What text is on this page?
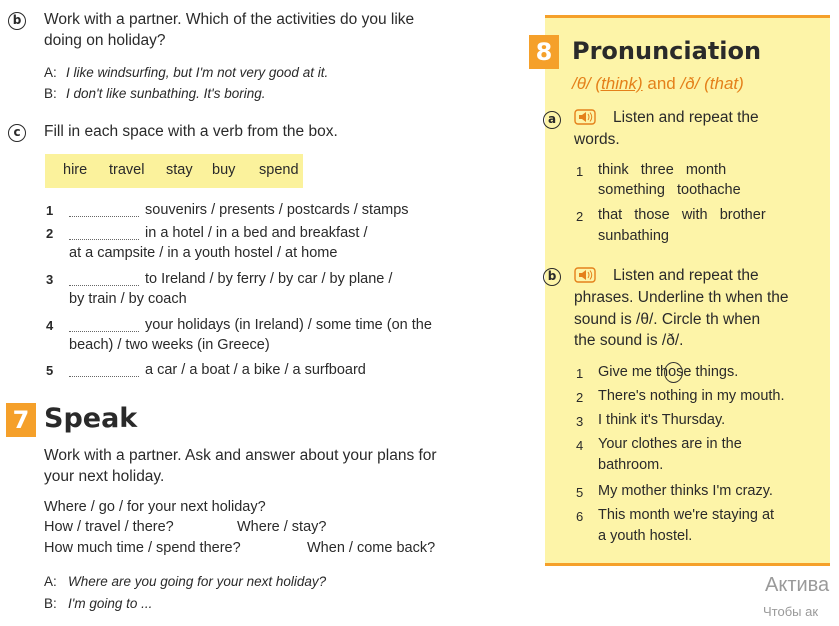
b	Work with a partner. Which of the activities do you like
doing on holiday?
A: I like windsurfing, but I'm not very good at it.
B: I don't like sunbathing. It's boring.
c	Fill in each space with a verb from the box.
hire travel stay buy spend
1	souvenirs / presents / postcards / stamps
2	in a hotel / in a bed and breakfast /
at a campsite / in a youth hostel / at home
3	to Ireland / by ferry / by car / by plane /
by train / by coach
4	your holidays (in Ireland) / some time (on the
beach) / two weeks (in Greece)
5	a car / a boat / a bike / a surfboard
7 Speak
Work with a partner. Ask and answer about your plans for
your next holiday.
Where / go / for your next holiday?
How / travel / there?	Where / stay?
How much time / spend there?	When / come back?
A: Where are you going for your next holiday?
B: I'm going to ...
8 Pronunciation
/θ/ (think) and /ð/ (that)
a	Listen and repeat the
words.
1 think   three   month
something   toothache
2 that   those   with   brother
sunbathing
b	Listen and repeat the
phrases. Underline th when the
sound is /θ/. Circle th when
the sound is /ð/.
1 Give me those things.
2 There's nothing in my mouth.
3 I think it's Thursday.
4 Your clothes are in the
bathroom.
5 My mother thinks I'm crazy.
6 This month we're staying at
a youth hostel.
Актива
Чтобы ак
